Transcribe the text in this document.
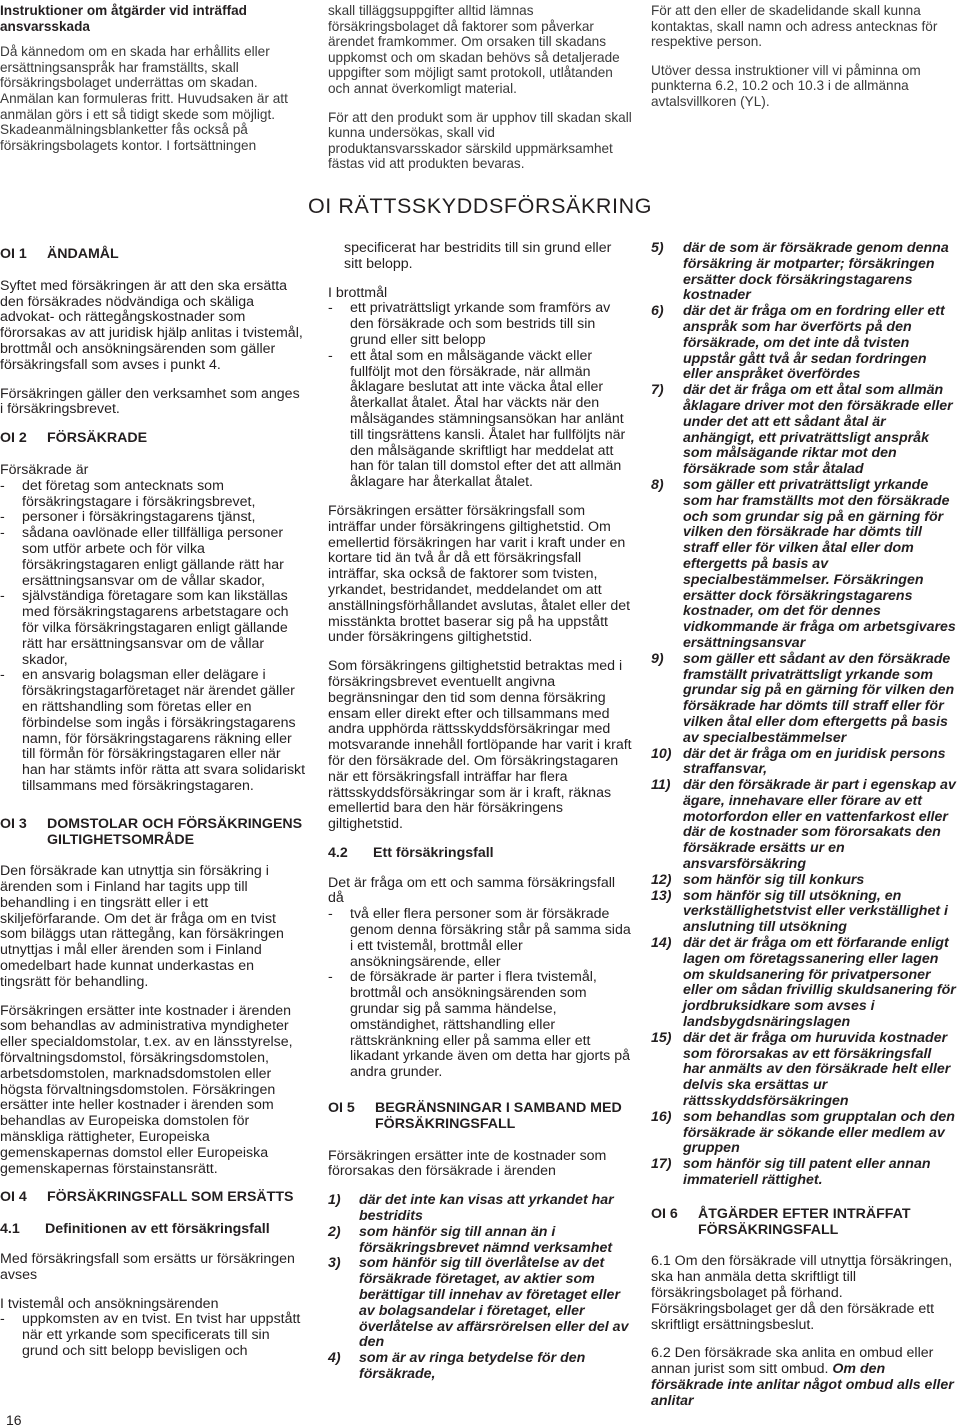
Instruktioner om åtgärder vid inträffad ansvarsskada

Då kännedom om en skada har erhållits eller ersättningsanspråk har framställts, skall försäkringsbolaget underrättas om skadan. Anmälan kan formuleras fritt. Huvudsaken är att anmälan görs i ett så tidigt skede som möjligt. Skadeanmälningsblanketter fås också på försäkringsbolagets kontor. I fortsättningen

skall tilläggsuppgifter alltid lämnas försäkringsbolaget då faktorer som påverkar ärendet framkommer. Om orsaken till skadans uppkomst och om skadan behövs så detaljerade uppgifter som möjligt samt protokoll, utlåtanden och annat överkomligt material.

För att den produkt som är upphov till skadan skall kunna undersökas, skall vid produktansvarsskador särskild uppmärksamhet fästas vid att produkten bevaras.

För att den eller de skadelidande skall kunna kontaktas, skall namn och adress antecknas för respektive person.

Utöver dessa instruktioner vill vi påminna om punkterna 6.2, 10.2 och 10.3 i de allmänna avtalsvillkoren (YL).

OI RÄTTSSKYDDSFÖRSÄKRING
OI 1	ÄNDAMÅL

Syftet med försäkringen är att den ska ersätta den försäkrades nödvändiga och skäliga advokat- och rättegångskostnader som förorsakas av att juridisk hjälp anlitas i tvistemål, brottmål och ansökningsärenden som gäller försäkringsfall som avses i punkt 4.

Försäkringen gäller den verksamhet som anges i försäkringsbrevet.

OI 2	FÖRSÄKRADE
Försäkrade är
-	det företag som antecknats som försäkringstagare i försäkringsbrevet,
-	personer i försäkringstagarens tjänst,
-	sådana oavlönade eller tillfälliga personer som utför arbete och för vilka försäkringstagaren enligt gällande rätt har ersättningsansvar om de vållar skador,
-	självständiga företagare som kan likställas med försäkringstagarens arbetstagare och för vilka försäkringstagaren enligt gällande rätt har ersättningsansvar om de vållar skador,
-	en ansvarig bolagsman eller delägare i försäkringstagarföretaget när ärendet gäller en rättshandling som företas eller en förbindelse som ingås i försäkringstagarens namn, för försäkringstagarens räkning eller till förmån för försäkringstagaren eller när han har stämts inför rätta att svara solidariskt tillsammans med försäkringstagaren.
OI 3	DOMSTOLAR OCH FÖRSÄKRINGENS GILTIGHETSOMRÅDE

Den försäkrade kan utnyttja sin försäkring i ärenden som i Finland har tagits upp till behandling i en tingsrätt eller i ett skiljeförfarande. Om det är fråga om en tvist som biläggs utan rättegång, kan försäkringen utnyttjas i mål eller ärenden som i Finland omedelbart hade kunnat underkastas en tingsrätt för behandling.

Försäkringen ersätter inte kostnader i ärenden som behandlas av administrativa myndigheter eller specialdomstolar, t.ex. av en länsstyrelse, förvaltningsdomstol, försäkringsdomstolen, arbetsdomstolen, marknadsdomstolen eller högsta förvaltningsdomstolen. Försäkringen ersätter inte heller kostnader i ärenden som behandlas av Europeiska domstolen för mänskliga rättigheter, Europeiska gemenskapernas domstol eller Europeiska gemenskapernas förstainstansrätt.

OI 4	FÖRSÄKRINGSFALL SOM ERSÄTTS
4.1	Definitionen av ett försäkringsfall

Med försäkringsfall som ersätts ur försäkringen avses

I tvistemål och ansökningsärenden
-	uppkomsten av en tvist. En tvist har uppstått när ett yrkande som specificerats till sin grund och sitt belopp bevisligen och

specificerat har bestridits till sin grund eller sitt belopp.

I brottmål
-	ett privaträttsligt yrkande som framförs av den försäkrade och som bestrids till sin grund eller sitt belopp
-	ett åtal som en målsägande väckt eller fullföljt mot den försäkrade, när allmän åklagare beslutat att inte väcka åtal eller återkallat åtalet. Åtal har väckts när den målsägandes stämningsansökan har anlänt till tingsrättens kansli. Åtalet har fullföljts när den målsägande skriftligt har meddelat att han för talan till domstol efter det att allmän åklagare har återkallat åtalet.

Försäkringen ersätter försäkringsfall som inträffar under försäkringens giltighetstid. Om emellertid försäkringen har varit i kraft under en kortare tid än två år då ett försäkringsfall inträffar, ska också de faktorer som tvisten, yrkandet, bestridandet, meddelandet om att anställningsförhållandet avslutas, åtalet eller det misstänkta brottet baserar sig på ha uppstått under försäkringens giltighetstid.

Som försäkringens giltighetstid betraktas med i försäkringsbrevet eventuellt angivna begränsningar den tid som denna försäkring ensam eller direkt efter och tillsammans med andra upphörda rättsskyddsförsäkringar med motsvarande innehåll fortlöpande har varit i kraft för den försäkrade del. Om försäkringstagaren när ett försäkringsfall inträffar har flera rättsskyddsförsäkringar som är i kraft, räknas emellertid bara den här försäkringens giltighetstid.

4.2	Ett försäkringsfall
Det är fråga om ett och samma försäkringsfall då
-	två eller flera personer som är försäkrade genom denna försäkring står på samma sida i ett tvistemål, brottmål eller ansökningsärende, eller
-	de försäkrade är parter i flera tvistemål, brottmål och ansökningsärenden som grundar sig på samma händelse, omständighet, rättshandling eller rättskränkning eller på samma eller ett likadant yrkande även om detta har gjorts på andra grunder.
OI 5	BEGRÄNSNINGAR I SAMBAND MED FÖRSÄKRINGSFALL

Försäkringen ersätter inte de kostnader som förorsakas den försäkrade i ärenden

1)	där det inte kan visas att yrkandet har bestridits
2)	som hänför sig till annan än i försäkringsbrevet nämnd verksamhet
3)	som hänför sig till överlåtelse av det försäkrade företaget, av aktier som berättigar till innehav av företaget eller av bolagsandelar i företaget, eller överlåtelse av affärsrörelsen eller del av den
4)	som är av ringa betydelse för den försäkrade,
5)	där de som är försäkrade genom denna försäkring är motparter; försäkringen ersätter dock försäkringstagarens kostnader
6)	där det är fråga om en fordring eller ett anspråk som har överförts på den försäkrade, om det inte då tvisten uppstår gått två år sedan fordringen eller anspråket överfördes
7)	där det är fråga om ett åtal som allmän åklagare driver mot den försäkrade eller under det att ett sådant åtal är anhängigt, ett privaträttsligt anspråk som målsägande riktar mot den försäkrade som står åtalad
8)	som gäller ett privaträttsligt yrkande som har framställts mot den försäkrade och som grundar sig på en gärning för vilken den försäkrade har dömts till straff eller för vilken åtal eller dom eftergetts på basis av specialbestämmelser. Försäkringen ersätter dock försäkringstagarens kostnader, om det för dennes vidkommande är fråga om arbetsgivares ersättningsansvar
9)	som gäller ett sådant av den försäkrade framställt privaträttsligt yrkande som grundar sig på en gärning för vilken den försäkrade har dömts till straff eller för vilken åtal eller dom eftergetts på basis av specialbestämmelser
10) där det är fråga om en juridisk persons straffansvar,
11) där den försäkrade är part i egenskap av ägare, innehavare eller förare av ett motorfordon eller en vattenfarkost eller där de kostnader som förorsakats den försäkrade ersätts ur en ansvarsförsäkring
12) som hänför sig till konkurs
13) som hänför sig till utsökning, en verkställighetstvist eller verkställighet i anslutning till utsökning
14) där det är fråga om ett förfarande enligt lagen om företagssanering eller lagen om skuldsanering för privatpersoner eller om sådan frivillig skuldsanering för jordbruksidkare som avses i landsbygdsnäringslagen
15) där det är fråga om huruvida kostnader som förorsakas av ett försäkringsfall har anmälts av den försäkrade helt eller delvis ska ersättas ur rättsskyddsförsäkringen
16) som behandlas som grupptalan och den försäkrade är sökande eller medlem av gruppen
17) som hänför sig till patent eller annan immateriell rättighet.
OI 6	ÅTGÄRDER EFTER INTRÄFFAT FÖRSÄKRINGSFALL

6.1 Om den försäkrade vill utnyttja försäkringen, ska han anmäla detta skriftligt till försäkringsbolaget på förhand. Försäkringsbolaget ger då den försäkrade ett skriftligt ersättningsbeslut.

6.2 Den försäkrade ska anlita en ombud eller annan jurist som sitt ombud. Om den försäkrade inte anlitar något ombud alls eller anlitar

16
